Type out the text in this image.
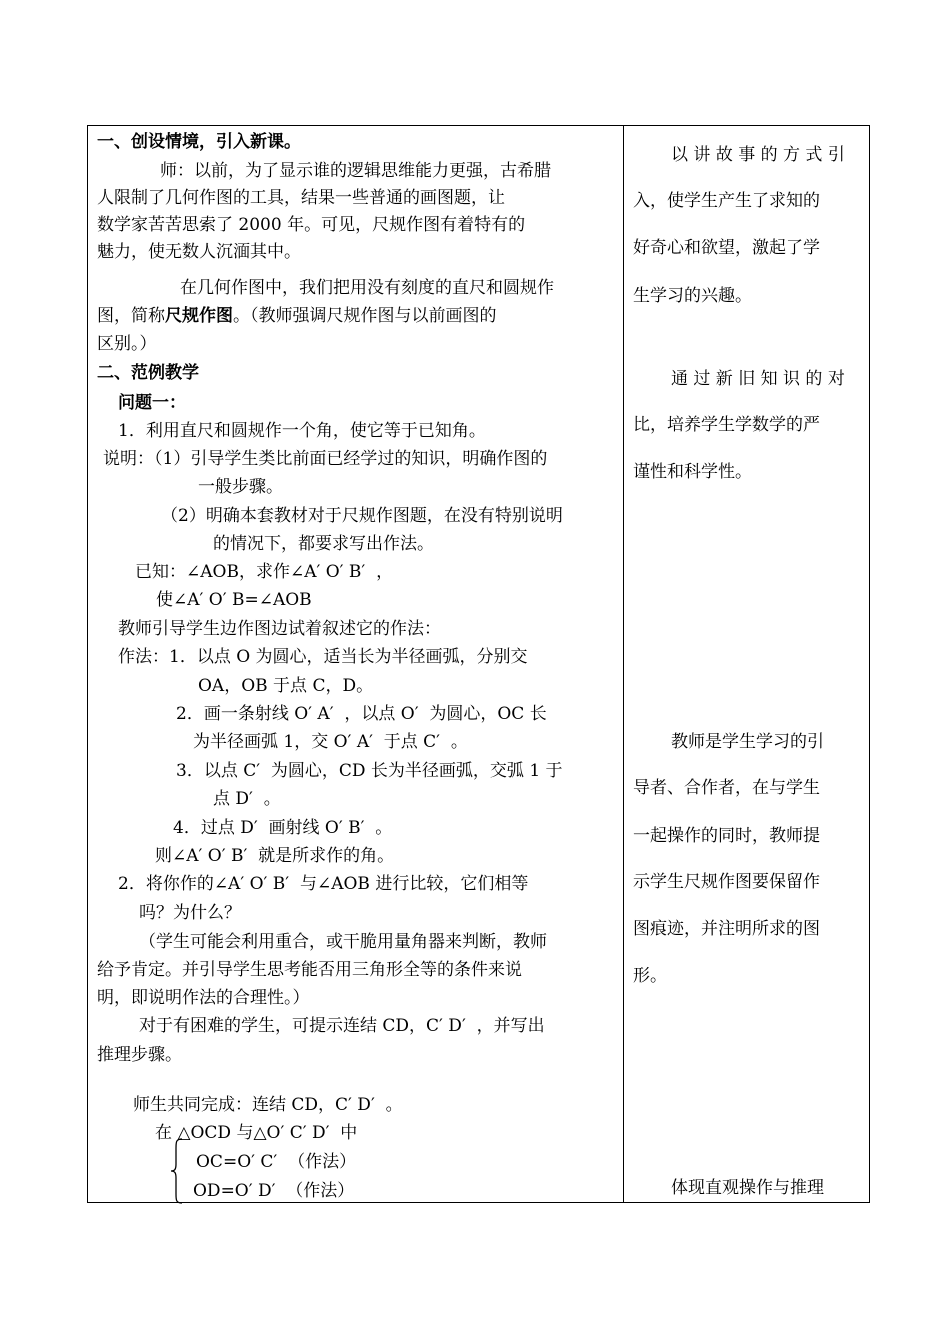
一、创设情境，引入新课。
师：以前，为了显示谁的逻辑思维能力更强，古希腊
人限制了几何作图的工具，结果一些普通的画图题，让
数学家苦苦思索了 2000 年。可见，尺规作图有着特有的
魅力，使无数人沉湎其中。
在几何作图中，我们把用没有刻度的直尺和圆规作
图，简称尺规作图。（教师强调尺规作图与以前画图的
区别。）
二、范例教学
问题一：
1．利用直尺和圆规作一个角，使它等于已知角。
说明：（1）引导学生类比前面已经学过的知识，明确作图的
一般步骤。
（2）明确本套教材对于尺规作图题，在没有特别说明
的情况下，都要求写出作法。
已知：∠AOB，求作∠A′ O′ B′  ，
使∠A′ O′ B=∠AOB
教师引导学生边作图边试着叙述它的作法：
作法：1．以点 O 为圆心，适当长为半径画弧，分别交
OA，OB 于点 C，D。
2．画一条射线 O′ A′  ，以点 O′  为圆心，OC 长
为半径画弧 1，交 O′ A′  于点 C′  。
3．以点 C′  为圆心，CD 长为半径画弧，交弧 1 于
点 D′  。
4．过点 D′  画射线 O′ B′  。
则∠A′ O′ B′  就是所求作的角。
2．将你作的∠A′ O′ B′  与∠AOB 进行比较，它们相等
吗？为什么？
（学生可能会利用重合，或干脆用量角器来判断，教师
给予肯定。并引导学生思考能否用三角形全等的条件来说
明，即说明作法的合理性。）
对于有困难的学生，可提示连结 CD，C′ D′  ，并写出
推理步骤。
师生共同完成：连结 CD，C′ D′  。
在 △OCD 与△O′ C′ D′  中
OC=O′ C′  （作法）
OD=O′ D′  （作法）
以 讲 故 事 的 方 式 引
入，使学生产生了求知的
好奇心和欲望，激起了学
生学习的兴趣。
通 过 新 旧 知 识 的 对
比，培养学生学数学的严
谨性和科学性。
教师是学生学习的引
导者、合作者，在与学生
一起操作的同时，教师提
示学生尺规作图要保留作
图痕迹，并注明所求的图
形。
体现直观操作与推理
